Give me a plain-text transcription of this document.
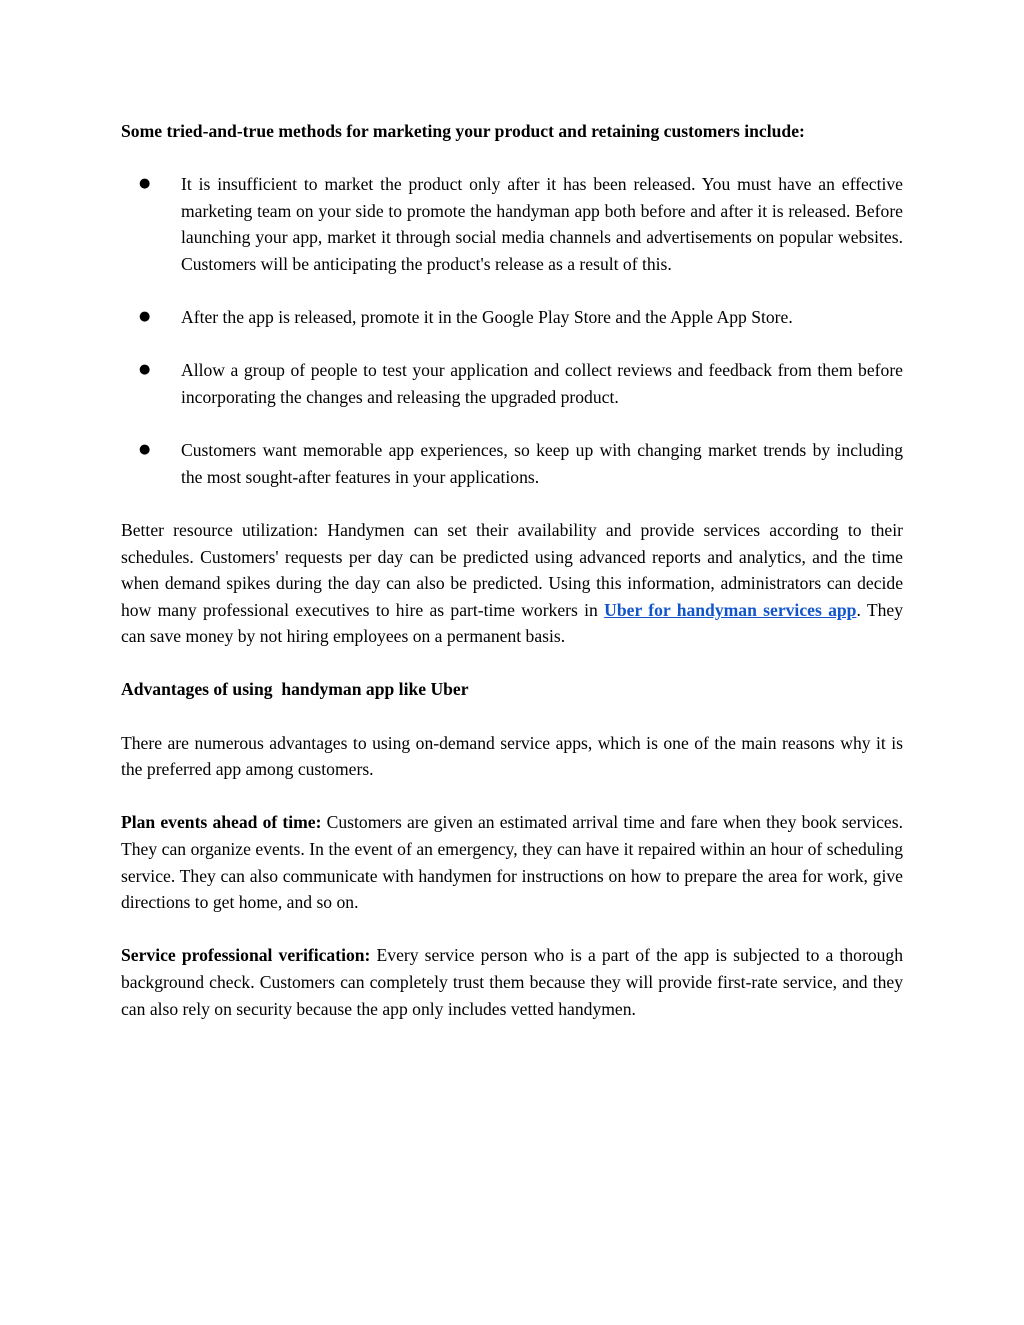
Some tried-and-true methods for marketing your product and retaining customers include:

● It is insufficient to market the product only after it has been released. You must have an effective marketing team on your side to promote the handyman app both before and after it is released. Before launching your app, market it through social media channels and advertisements on popular websites. Customers will be anticipating the product's release as a result of this.
● After the app is released, promote it in the Google Play Store and the Apple App Store.
● Allow a group of people to test your application and collect reviews and feedback from them before incorporating the changes and releasing the upgraded product.
● Customers want memorable app experiences, so keep up with changing market trends by including the most sought-after features in your applications.

Better resource utilization: Handymen can set their availability and provide services according to their schedules. Customers' requests per day can be predicted using advanced reports and analytics, and the time when demand spikes during the day can also be predicted. Using this information, administrators can decide how many professional executives to hire as part-time workers in Uber for handyman services app. They can save money by not hiring employees on a permanent basis.

Advantages of using  handyman app like Uber

There are numerous advantages to using on-demand service apps, which is one of the main reasons why it is the preferred app among customers.

Plan events ahead of time: Customers are given an estimated arrival time and fare when they book services. They can organize events. In the event of an emergency, they can have it repaired within an hour of scheduling service. They can also communicate with handymen for instructions on how to prepare the area for work, give directions to get home, and so on.

Service professional verification: Every service person who is a part of the app is subjected to a thorough background check. Customers can completely trust them because they will provide first-rate service, and they can also rely on security because the app only includes vetted handymen.
